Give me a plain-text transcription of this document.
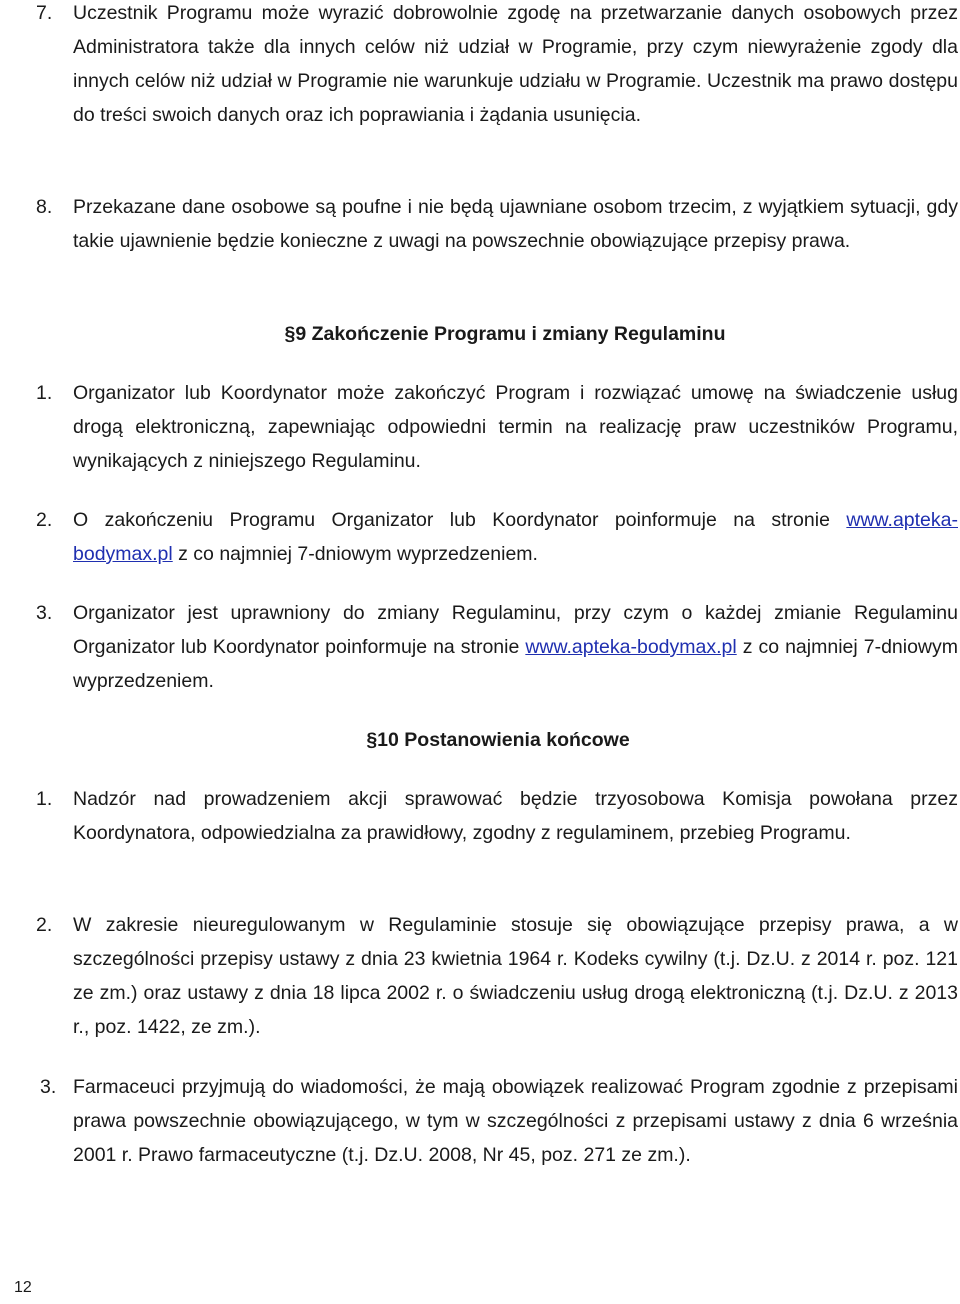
7. Uczestnik Programu może wyrazić dobrowolnie zgodę na przetwarzanie danych osobowych przez Administratora także dla innych celów niż udział w Programie, przy czym niewyrażenie zgody dla innych celów niż udział w Programie nie warunkuje udziału w Programie. Uczestnik ma prawo dostępu do treści swoich danych oraz ich poprawiania i żądania usunięcia.
8. Przekazane dane osobowe są poufne i nie będą ujawniane osobom trzecim, z wyjątkiem sytuacji, gdy takie ujawnienie będzie konieczne z uwagi na powszechnie obowiązujące przepisy prawa.
§9 Zakończenie Programu i zmiany Regulaminu
1. Organizator lub Koordynator może zakończyć Program i rozwiązać umowę na świadczenie usług drogą elektroniczną, zapewniając odpowiedni termin na realizację praw uczestników Programu, wynikających z niniejszego Regulaminu.
2. O zakończeniu Programu Organizator lub Koordynator poinformuje na stronie www.apteka-bodymax.pl z co najmniej 7-dniowym wyprzedzeniem.
3. Organizator jest uprawniony do zmiany Regulaminu, przy czym o każdej zmianie Regulaminu Organizator lub Koordynator poinformuje na stronie www.apteka-bodymax.pl z co najmniej 7-dniowym wyprzedzeniem.
§10 Postanowienia końcowe
1. Nadzór nad prowadzeniem akcji sprawować będzie trzyosobowa Komisja powołana przez Koordynatora, odpowiedzialna za prawidłowy, zgodny z regulaminem, przebieg Programu.
2. W zakresie nieuregulowanym w Regulaminie stosuje się obowiązujące przepisy prawa, a w szczególności przepisy ustawy z dnia 23 kwietnia 1964 r. Kodeks cywilny (t.j. Dz.U. z 2014 r. poz. 121 ze zm.) oraz ustawy z dnia 18 lipca 2002 r. o świadczeniu usług drogą elektroniczną (t.j. Dz.U. z 2013 r., poz. 1422, ze zm.).
3. Farmaceuci przyjmują do wiadomości, że mają obowiązek realizować Program zgodnie z przepisami prawa powszechnie obowiązującego, w tym w szczególności z przepisami ustawy z dnia 6 września 2001 r. Prawo farmaceutyczne (t.j. Dz.U. 2008, Nr 45, poz. 271 ze zm.).
12
